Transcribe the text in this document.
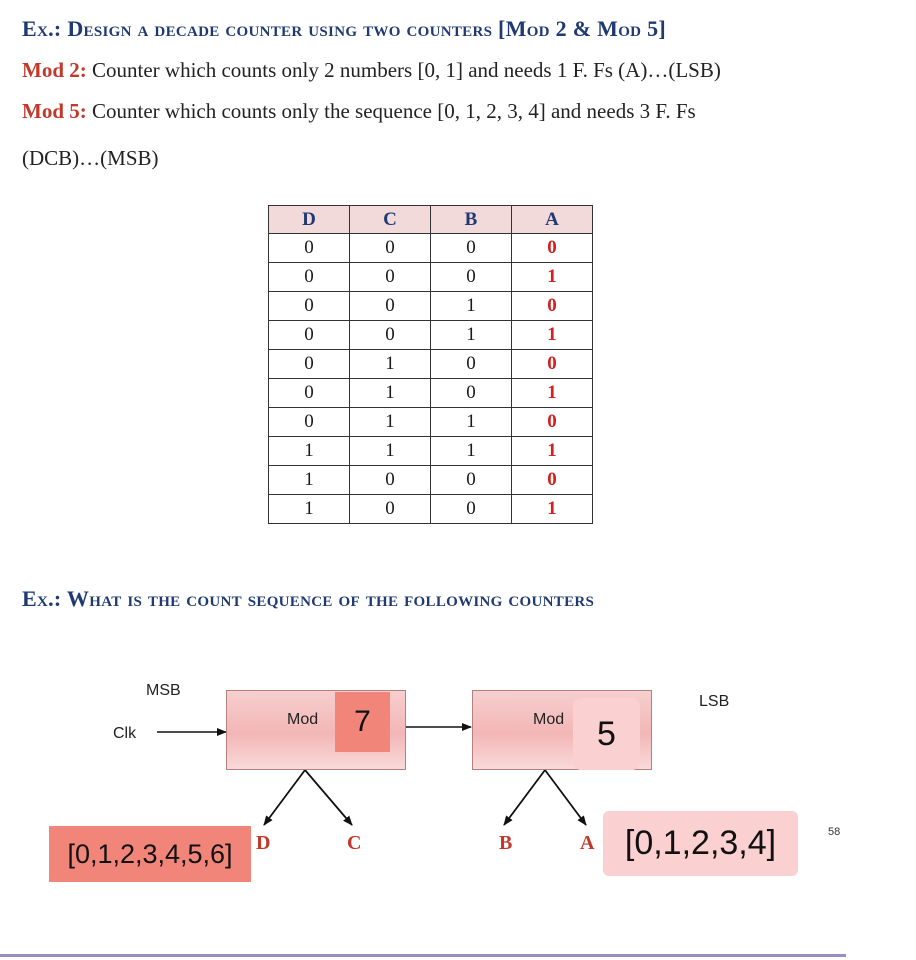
Ex.: Design a decade counter using two counters [Mod 2 & Mod 5]
Mod 2: Counter which counts only 2 numbers [0, 1] and needs 1 F. Fs (A)…(LSB)
Mod 5: Counter which counts only the sequence [0, 1, 2, 3, 4] and needs 3 F. Fs
(DCB)…(MSB)
D	C	B	A
0	0	0	0
0	0	0	1
0	0	1	0
0	0	1	1
0	1	0	0
0	1	0	1
0	1	1	0
1	1	1	1
1	0	0	0
1	0	0	1
Ex.: What is the count sequence of the following counters
MSB
Clk
LSB
Mod	7	Mod 5
D	C	B	A
[0,1,2,3,4,5,6]	[0,1,2,3,4]	58
